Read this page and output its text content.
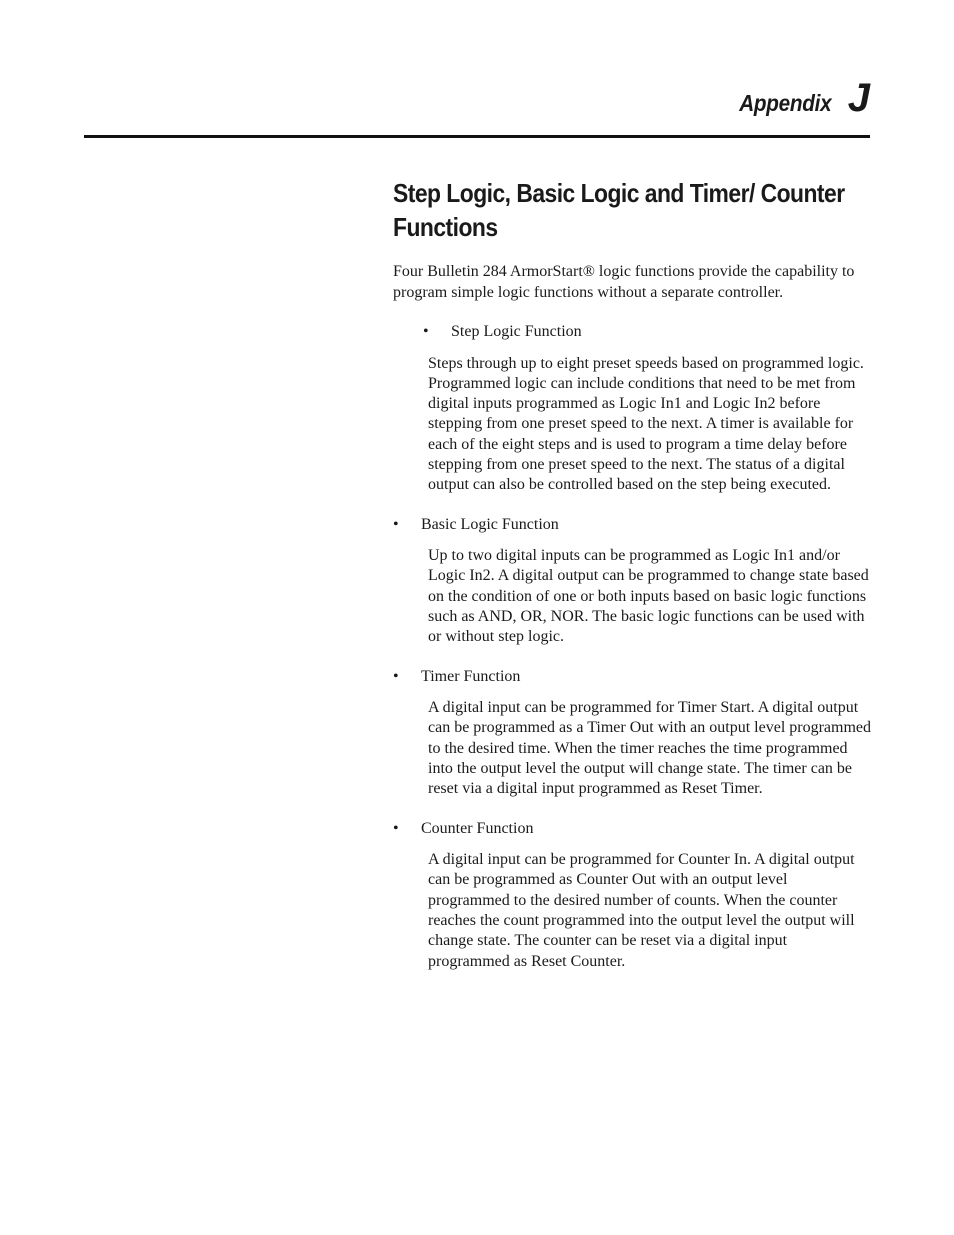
Appendix J
Step Logic, Basic Logic and Timer/ Counter Functions

Four Bulletin 284 ArmorStart® logic functions provide the capability to program simple logic functions without a separate controller.

•	Step Logic Function

Steps through up to eight preset speeds based on programmed logic. Programmed logic can include conditions that need to be met from digital inputs programmed as Logic In1 and Logic In2 before stepping from one preset speed to the next. A timer is available for each of the eight steps and is used to program a time delay before stepping from one preset speed to the next. The status of a digital output can also be controlled based on the step being executed.

•	Basic Logic Function

Up to two digital inputs can be programmed as Logic In1 and/or Logic In2. A digital output can be programmed to change state based on the condition of one or both inputs based on basic logic functions such as AND, OR, NOR. The basic logic functions can be used with or without step logic.

•	Timer Function

A digital input can be programmed for Timer Start. A digital output can be programmed as a Timer Out with an output level programmed to the desired time. When the timer reaches the time programmed into the output level the output will change state. The timer can be reset via a digital input programmed as Reset Timer.

•	Counter Function

A digital input can be programmed for Counter In. A digital output can be programmed as Counter Out with an output level programmed to the desired number of counts. When the counter reaches the count programmed into the output level the output will change state. The counter can be reset via a digital input programmed as Reset Counter.
